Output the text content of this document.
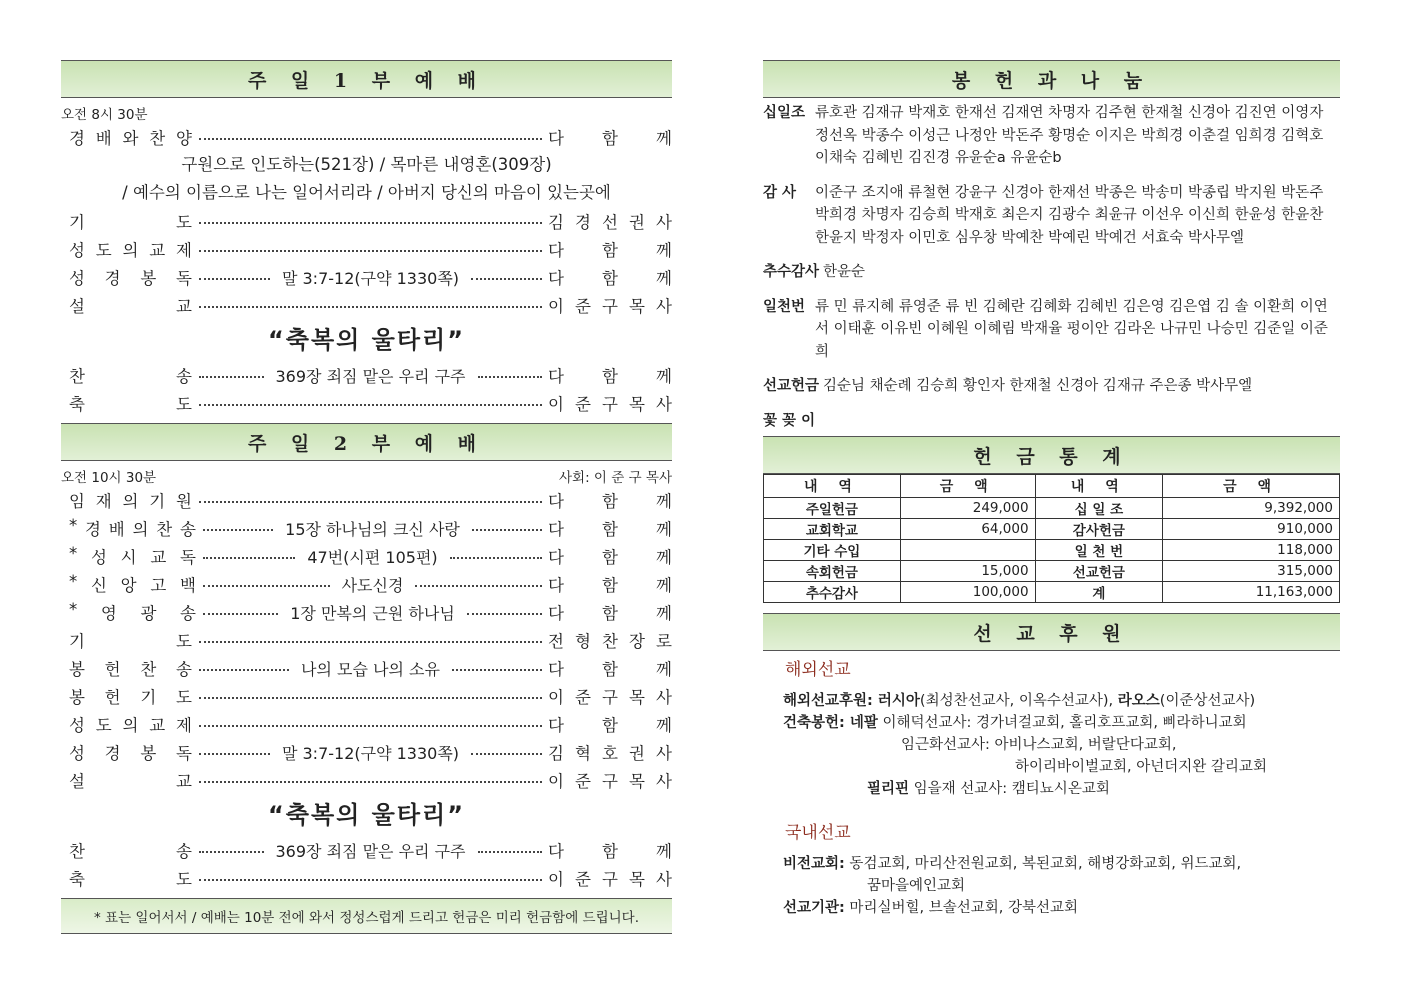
주 일 1 부 예 배
오전 8시 30분
경 배 와 찬 양	다 함 께
구원으로 인도하는(521장) / 목마른 내영혼(309장)
/ 예수의 이름으로 나는 일어서리라 / 아버지 당신의 마음이 있는곳에
기	도	김 경 선 권 사
성 도 의 교 제	다 함 께
성 경 봉 독	말 3:7-12(구약 1330쪽)	다 함 께
설	교	이 준 구 목 사
“축복의 울타리”
찬	송	369장 죄짐 맡은 우리 구주	다 함 께
축	도	이 준 구 목 사
주 일 2 부 예 배
오전 10시 30분	사회: 이 준 구 목사
임 재 의 기 원	다 함 께
* 경 배 의 찬 송	15장 하나님의 크신 사랑	다 함 께
* 성 시 교 독	47번(시편 105편)	다 함 께
* 신 앙 고 백	사도신경	다 함 께
* 영 광 송	1장 만복의 근원 하나님	다 함 께
기	도	전 형 찬 장 로
봉 헌 찬 송	나의 모습 나의 소유	다 함 께
봉 헌 기 도	이 준 구 목 사
성 도 의 교 제	다 함 께
성 경 봉 독	말 3:7-12(구약 1330쪽)	김 혁 호 권 사
설	교	이 준 구 목 사
“축복의 울타리”
찬	송	369장 죄짐 맡은 우리 구주	다 함 께
축	도	이 준 구 목 사
* 표는 일어서서 / 예배는 10분 전에 와서 정성스럽게 드리고 헌금은 미리 헌금함에 드립니다.
봉 헌 과 나 눔
십일조 류호관 김재규 박재호 한재선 김재연 차명자 김주현 한재철 신경아 김진연 이영자 정선옥 박종수 이성근 나정안 박돈주 황명순 이지은 박희경 이춘걸 임희경 김혁호 이채숙 김혜빈 김진경 유윤순a 유윤순b
감 사	이준구 조지애 류철현 강윤구 신경아 한재선 박종은 박송미 박종립 박지원 박돈주 박희경 차명자 김승희 박재호 최은지 김광수 최윤규 이선우 이신희 한윤성 한윤찬 한윤지 박정자 이민호 심우창 박예찬 박예린 박예건 서효숙 박사무엘
추수감사 한윤순
일천번 류 민 류지혜 류영준 류 빈 김혜란 김혜화 김혜빈 김은영 김은엽 김 솔 이환희 이연서 이태훈 이유빈 이혜원 이혜림 박재율 펑이안 김라온 나규민 나승민 김준일 이준희
선교헌금 김순님 채순례 김승희 황인자 한재철 신경아 김재규 주은종 박사무엘
꽃 꽂 이
헌 금 통 계
내 역	금 액	내 역	금 액
주일헌금	249,000	십 일 조	9,392,000
교회학교	64,000	감사헌금	910,000
기타 수입		일 천 번	118,000
속회헌금	15,000	선교헌금	315,000
추수감사	100,000	계	11,163,000
선 교 후 원
해외선교
해외선교후원: 러시아(최성찬선교사, 이옥수선교사), 라오스(이준상선교사)
건축봉헌: 네팔 이해덕선교사: 경가녀걸교회, 홀리호프교회, 삐라하니교회
임근화선교사: 아비나스교회, 버랄단다교회,
하이리바이벌교회, 아넌더지완 갈리교회
필리핀 임을재 선교사: 캠티뇨시온교회
국내선교
비전교회: 동검교회, 마리산전원교회, 복된교회, 해병강화교회, 위드교회,
꿈마을예인교회
선교기관: 마리실버힐, 브솔선교회, 강북선교회
